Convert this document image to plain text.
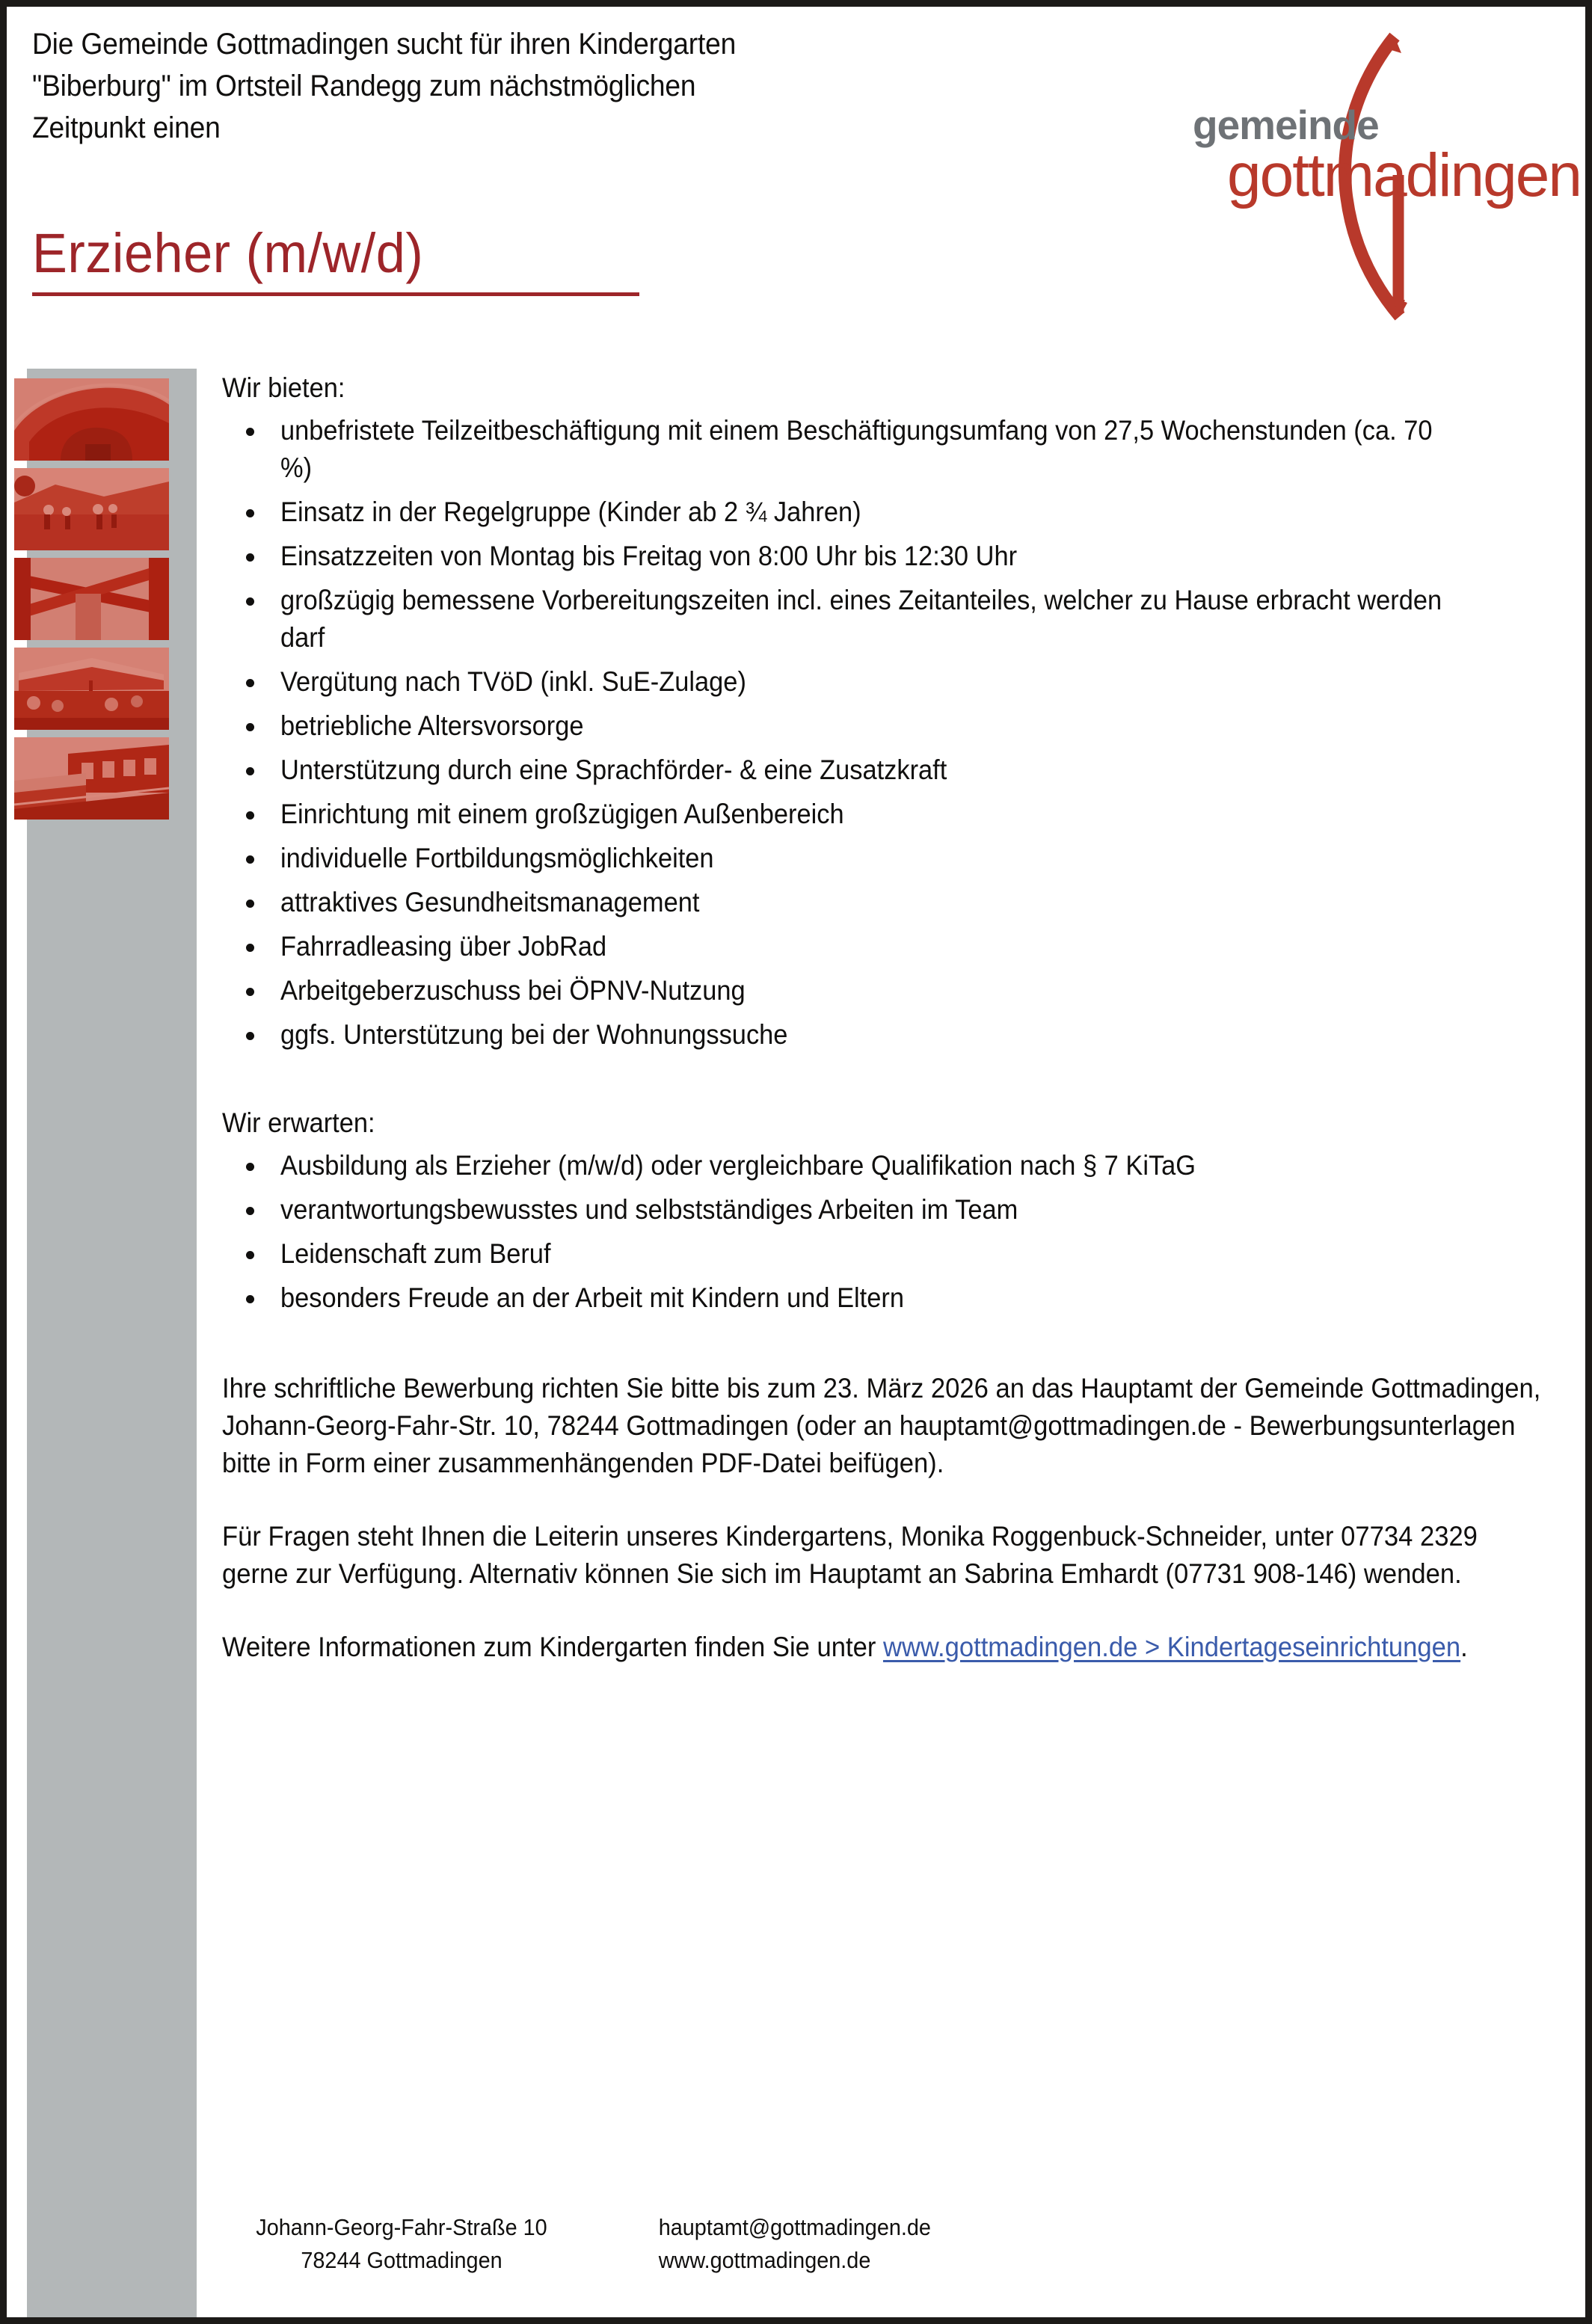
Die Gemeinde Gottmadingen sucht für ihren Kindergarten
"Biberburg" im Ortsteil Randegg zum nächstmöglichen
Zeitpunkt einen	gemeinde
gottmadingen
Erzieher (m/w/d)
Wir bieten:
unbefristete Teilzeitbeschäftigung mit einem Beschäftigungsumfang von 27,5 Wochenstunden (ca. 70 %)
Einsatz in der Regelgruppe (Kinder ab 2 ¾ Jahren)
Einsatzzeiten von Montag bis Freitag von 8:00 Uhr bis 12:30 Uhr
großzügig bemessene Vorbereitungszeiten incl. eines Zeitanteiles, welcher zu Hause erbracht werden darf
Vergütung nach TVöD (inkl. SuE-Zulage)
betriebliche Altersvorsorge
Unterstützung durch eine Sprachförder- & eine Zusatzkraft
Einrichtung mit einem großzügigen Außenbereich
individuelle Fortbildungsmöglichkeiten
attraktives Gesundheitsmanagement
Fahrradleasing über JobRad
Arbeitgeberzuschuss bei ÖPNV-Nutzung
ggfs. Unterstützung bei der Wohnungssuche
Wir erwarten:
Ausbildung als Erzieher (m/w/d) oder vergleichbare Qualifikation nach § 7 KiTaG
verantwortungsbewusstes und selbstständiges Arbeiten im Team
Leidenschaft zum Beruf
besonders Freude an der Arbeit mit Kindern und Eltern

Ihre schriftliche Bewerbung richten Sie bitte bis zum 23. März 2026 an das Hauptamt der Gemeinde Gottmadingen, Johann-Georg-Fahr-Str. 10, 78244 Gottmadingen (oder an hauptamt@gottmadingen.de - Bewerbungsunterlagen bitte in Form einer zusammenhängenden PDF-Datei beifügen).

Für Fragen steht Ihnen die Leiterin unseres Kindergartens, Monika Roggenbuck-Schneider, unter 07734 2329 gerne zur Verfügung. Alternativ können Sie sich im Hauptamt an Sabrina Emhardt (07731 908-146) wenden.

Weitere Informationen zum Kindergarten finden Sie unter www.gottmadingen.de > Kindertageseinrichtungen.

Johann-Georg-Fahr-Straße 10
78244 Gottmadingen
hauptamt@gottmadingen.de
www.gottmadingen.de
